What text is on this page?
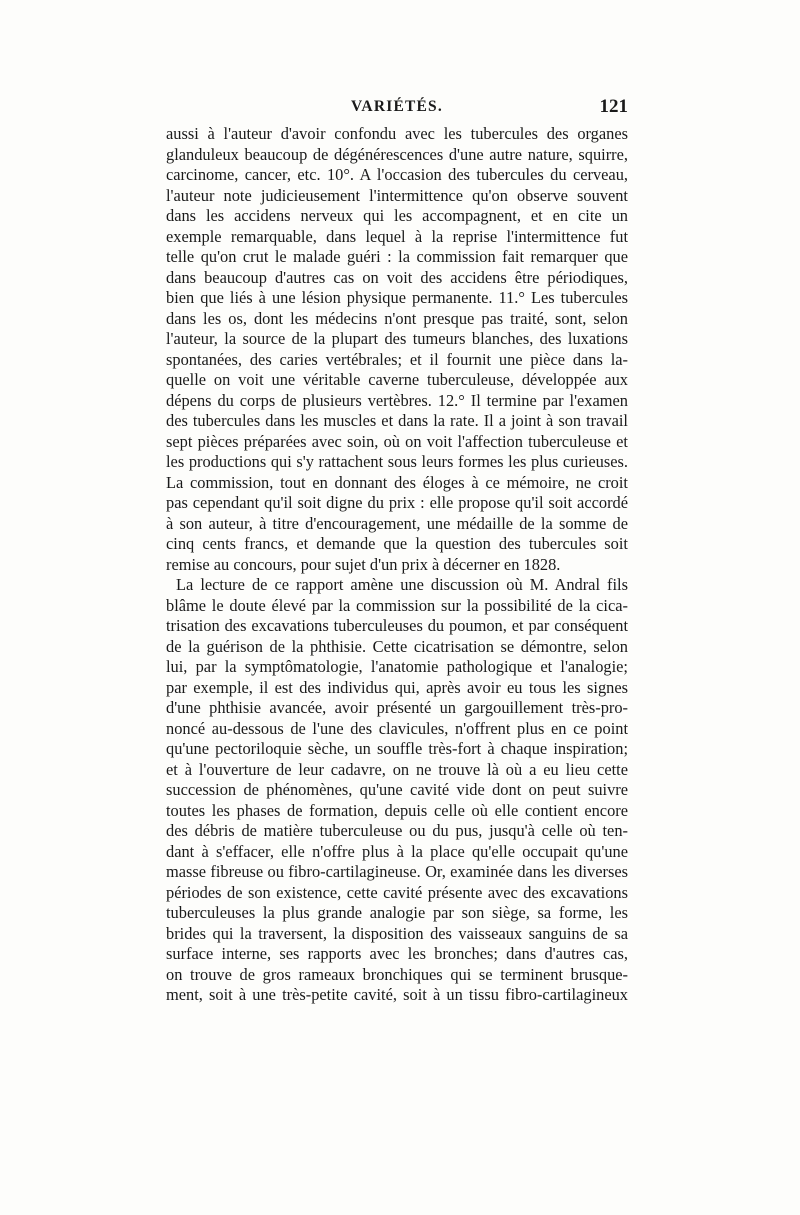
VARIÉTÉS.	121
aussi à l'auteur d'avoir confondu avec les tubercules des organes
glanduleux beaucoup de dégénérescences d'une autre nature, squirre,
carcinome, cancer, etc. 10°. A l'occasion des tubercules du cerveau,
l'auteur note judicieusement l'intermittence qu'on observe souvent
dans les accidens nerveux qui les accompagnent, et en cite un
exemple remarquable, dans lequel à la reprise l'intermittence fut
telle qu'on crut le malade guéri : la commission fait remarquer que
dans beaucoup d'autres cas on voit des accidens être périodiques,
bien que liés à une lésion physique permanente. 11.° Les tubercules
dans les os, dont les médecins n'ont presque pas traité, sont, selon
l'auteur, la source de la plupart des tumeurs blanches, des luxations
spontanées, des caries vertébrales; et il fournit une pièce dans la-
quelle on voit une véritable caverne tuberculeuse, développée aux
dépens du corps de plusieurs vertèbres. 12.° Il termine par l'examen
des tubercules dans les muscles et dans la rate. Il a joint à son travail
sept pièces préparées avec soin, où on voit l'affection tuberculeuse et
les productions qui s'y rattachent sous leurs formes les plus curieuses.
La commission, tout en donnant des éloges à ce mémoire, ne croit
pas cependant qu'il soit digne du prix : elle propose qu'il soit accordé
à son auteur, à titre d'encouragement, une médaille de la somme de
cinq cents francs, et demande que la question des tubercules soit
remise au concours, pour sujet d'un prix à décerner en 1828.
La lecture de ce rapport amène une discussion où M. Andral fils
blâme le doute élevé par la commission sur la possibilité de la cica-
trisation des excavations tuberculeuses du poumon, et par conséquent
de la guérison de la phthisie. Cette cicatrisation se démontre, selon
lui, par la symptômatologie, l'anatomie pathologique et l'analogie;
par exemple, il est des individus qui, après avoir eu tous les signes
d'une phthisie avancée, avoir présenté un gargouillement très-pro-
noncé au-dessous de l'une des clavicules, n'offrent plus en ce point
qu'une pectoriloquie sèche, un souffle très-fort à chaque inspiration;
et à l'ouverture de leur cadavre, on ne trouve là où a eu lieu cette
succession de phénomènes, qu'une cavité vide dont on peut suivre
toutes les phases de formation, depuis celle où elle contient encore
des débris de matière tuberculeuse ou du pus, jusqu'à celle où ten-
dant à s'effacer, elle n'offre plus à la place qu'elle occupait qu'une
masse fibreuse ou fibro-cartilagineuse. Or, examinée dans les diverses
périodes de son existence, cette cavité présente avec des excavations
tuberculeuses la plus grande analogie par son siège, sa forme, les
brides qui la traversent, la disposition des vaisseaux sanguins de sa
surface interne, ses rapports avec les bronches; dans d'autres cas,
on trouve de gros rameaux bronchiques qui se terminent brusque-
ment, soit à une très-petite cavité, soit à un tissu fibro-cartilagineux
